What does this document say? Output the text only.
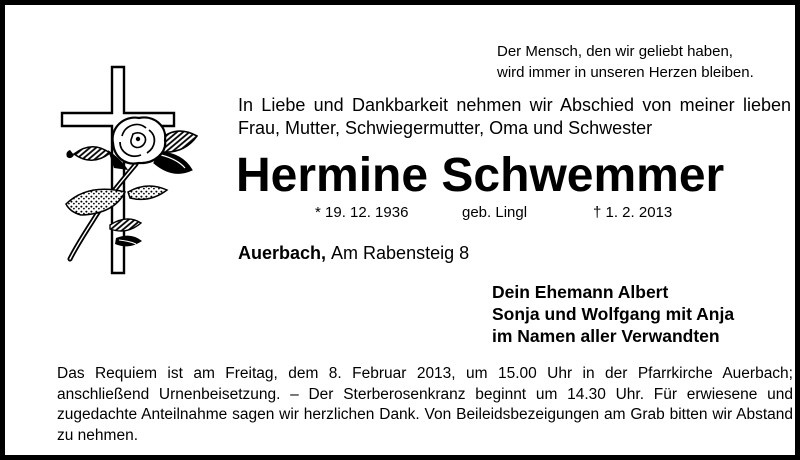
Der Mensch, den wir geliebt haben,
wird immer in unseren Herzen bleiben.

In Liebe und Dankbarkeit nehmen wir Abschied von meiner lieben Frau, Mutter, Schwiegermutter, Oma und Schwester

Hermine Schwemmer
* 19. 12. 1936	geb. Lingl	† 1. 2. 2013
Auerbach, Am Rabensteig 8
Dein Ehemann Albert
Sonja und Wolfgang mit Anja
im Namen aller Verwandten

Das Requiem ist am Freitag, dem 8. Februar 2013, um 15.00 Uhr in der Pfarrkirche Auerbach; anschließend Urnenbeisetzung. – Der Sterberosenkranz beginnt um 14.30 Uhr. Für erwiesene und zugedachte Anteilnahme sagen wir herzlichen Dank. Von Beileidsbezeigungen am Grab bitten wir Abstand zu nehmen.
